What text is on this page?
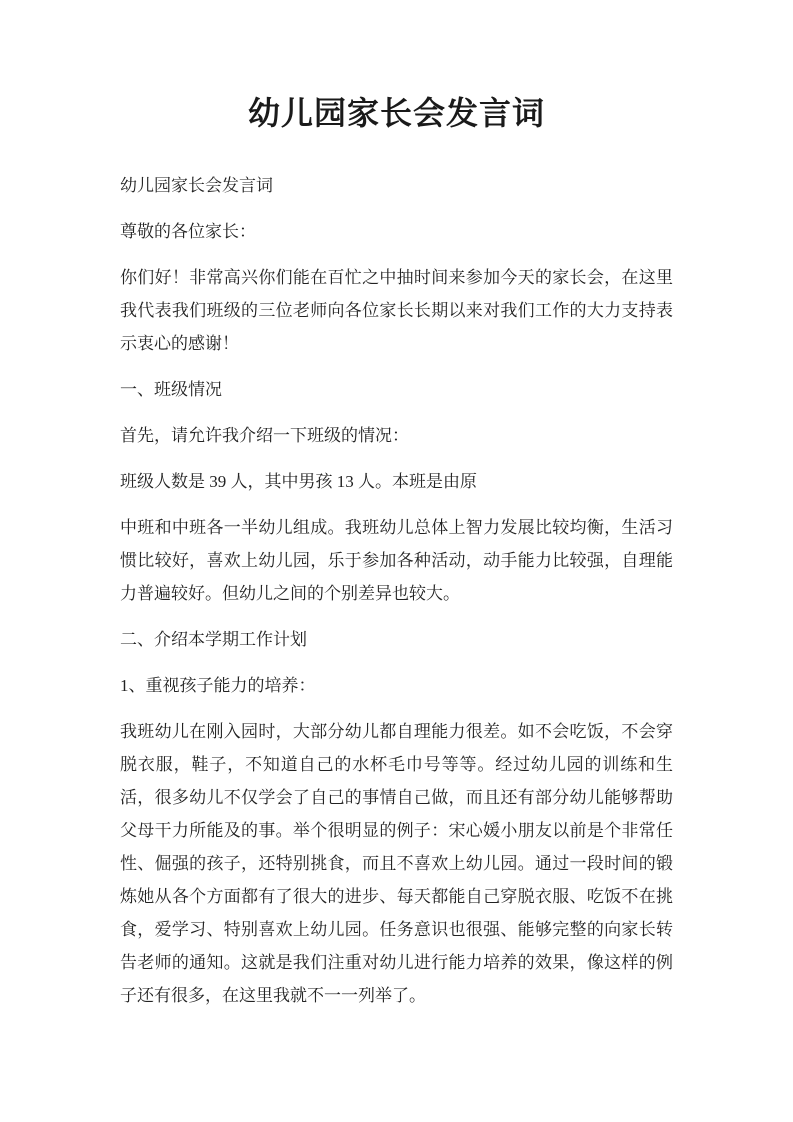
幼儿园家长会发言词

幼儿园家长会发言词

尊敬的各位家长：

你们好！非常高兴你们能在百忙之中抽时间来参加今天的家长会，在这里我代表我们班级的三位老师向各位家长长期以来对我们工作的大力支持表示衷心的感谢！

一、班级情况

首先，请允许我介绍一下班级的情况：

班级人数是 39 人，其中男孩 13 人。本班是由原

中班和中班各一半幼儿组成。我班幼儿总体上智力发展比较均衡，生活习惯比较好，喜欢上幼儿园，乐于参加各种活动，动手能力比较强，自理能力普遍较好。但幼儿之间的个别差异也较大。

二、介绍本学期工作计划

1、重视孩子能力的培养：

我班幼儿在刚入园时，大部分幼儿都自理能力很差。如不会吃饭，不会穿脱衣服，鞋子，不知道自己的水杯毛巾号等等。经过幼儿园的训练和生活，很多幼儿不仅学会了自己的事情自己做，而且还有部分幼儿能够帮助父母干力所能及的事。举个很明显的例子：宋心媛小朋友以前是个非常任性、倔强的孩子，还特别挑食，而且不喜欢上幼儿园。通过一段时间的锻炼她从各个方面都有了很大的进步、每天都能自己穿脱衣服、吃饭不在挑食，爱学习、特别喜欢上幼儿园。任务意识也很强、能够完整的向家长转告老师的通知。这就是我们注重对幼儿进行能力培养的效果，像这样的例子还有很多，在这里我就不一一列举了。
